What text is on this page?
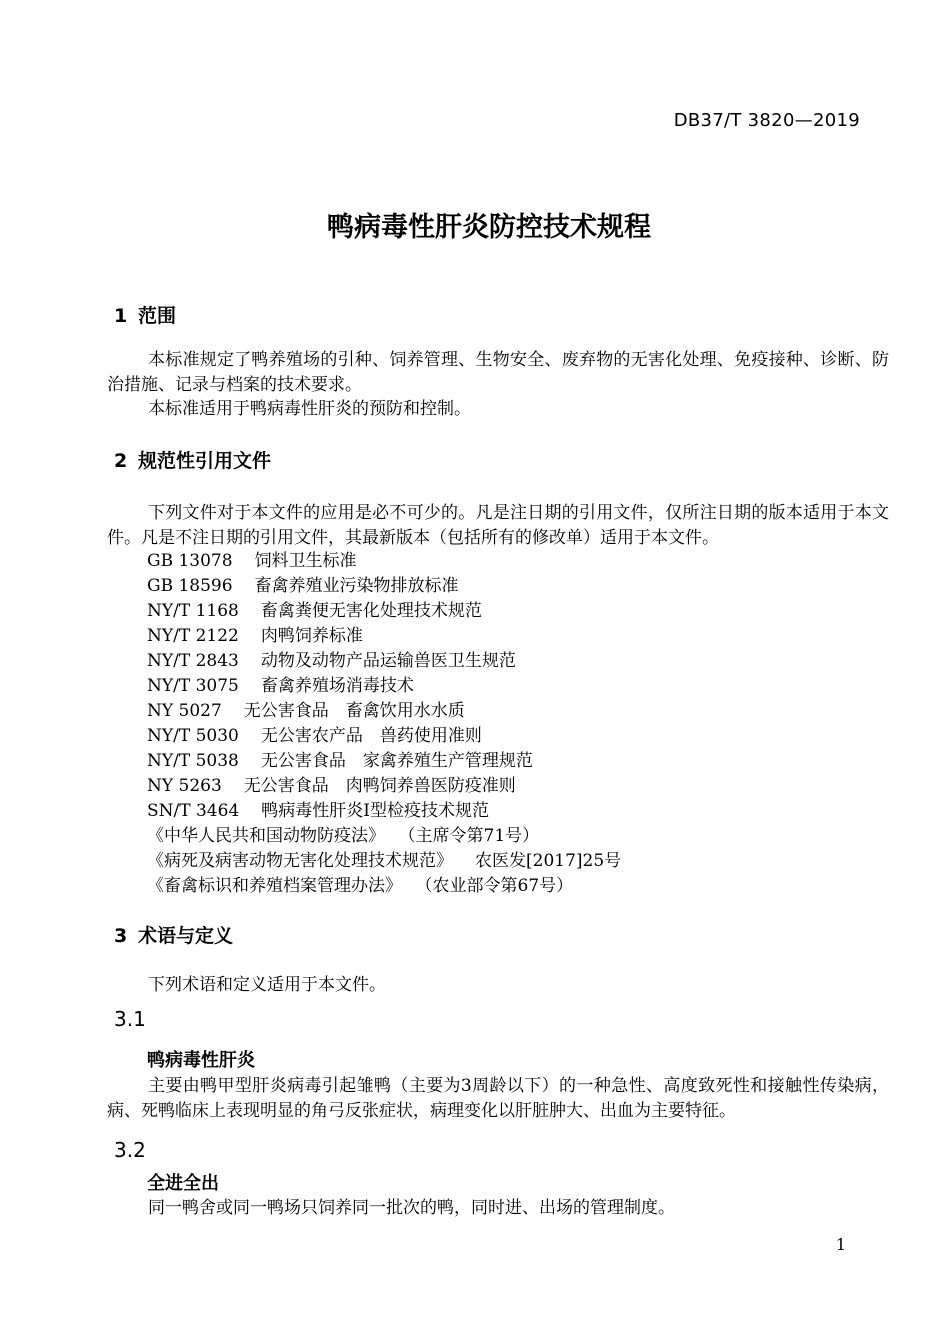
DB37/T 3820—2019
鸭病毒性肝炎防控技术规程
1 范围
本标准规定了鸭养殖场的引种、饲养管理、生物安全、废弃物的无害化处理、免疫接种、诊断、防治措施、记录与档案的技术要求。
本标准适用于鸭病毒性肝炎的预防和控制。
2 规范性引用文件
下列文件对于本文件的应用是必不可少的。凡是注日期的引用文件，仅所注日期的版本适用于本文件。凡是不注日期的引用文件，其最新版本（包括所有的修改单）适用于本文件。
GB 13078 饲料卫生标准
GB 18596 畜禽养殖业污染物排放标准
NY/T 1168 畜禽粪便无害化处理技术规范
NY/T 2122 肉鸭饲养标准
NY/T 2843 动物及动物产品运输兽医卫生规范
NY/T 3075 畜禽养殖场消毒技术
NY 5027 无公害食品　畜禽饮用水水质
NY/T 5030 无公害农产品　兽药使用准则
NY/T 5038 无公害食品　家禽养殖生产管理规范
NY 5263 无公害食品　肉鸭饲养兽医防疫准则
SN/T 3464 鸭病毒性肝炎I型检疫技术规范
《中华人民共和国动物防疫法》 （主席令第71号）
《病死及病害动物无害化处理技术规范》 农医发[2017]25号
《畜禽标识和养殖档案管理办法》 （农业部令第67号）
3 术语与定义
下列术语和定义适用于本文件。
3.1
鸭病毒性肝炎
主要由鸭甲型肝炎病毒引起雏鸭（主要为3周龄以下）的一种急性、高度致死性和接触性传染病，病、死鸭临床上表现明显的角弓反张症状，病理变化以肝脏肿大、出血为主要特征。
3.2
全进全出
同一鸭舍或同一鸭场只饲养同一批次的鸭，同时进、出场的管理制度。
1
